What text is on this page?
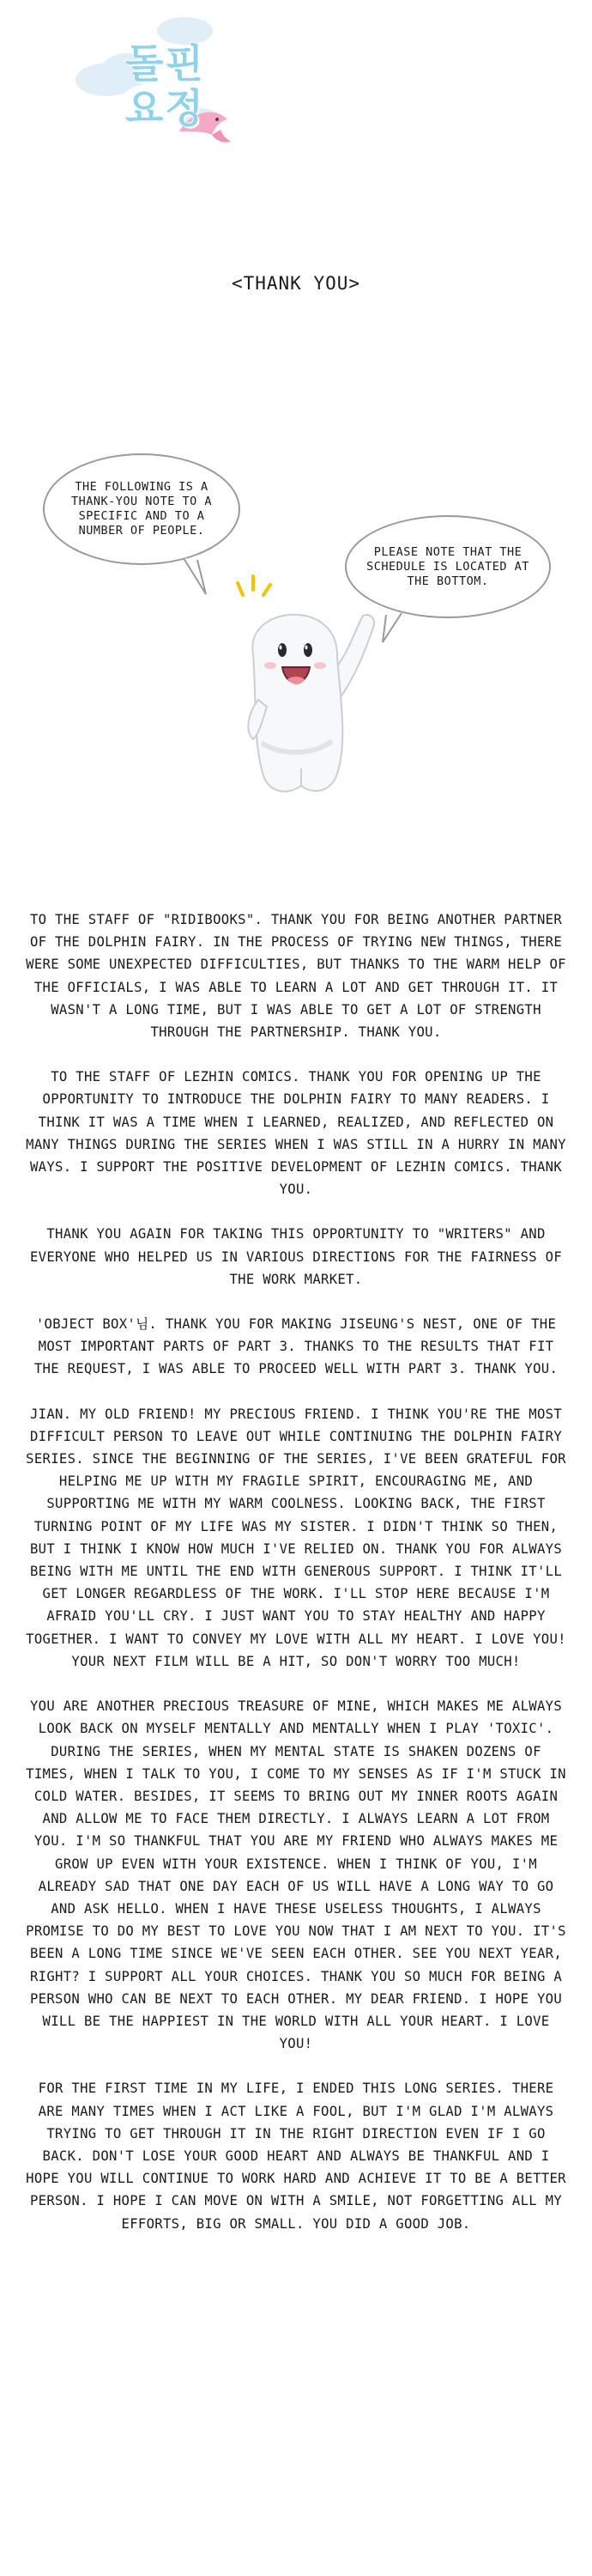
돌핀
요정
<THANK YOU>
THE FOLLOWING IS A THANK-YOU NOTE TO A SPECIFIC AND TO A NUMBER OF PEOPLE.
PLEASE NOTE THAT THE SCHEDULE IS LOCATED AT THE BOTTOM.

TO THE STAFF OF "RIDIBOOKS". THANK YOU FOR BEING ANOTHER PARTNER OF THE DOLPHIN FAIRY. IN THE PROCESS OF TRYING NEW THINGS, THERE WERE SOME UNEXPECTED DIFFICULTIES, BUT THANKS TO THE WARM HELP OF THE OFFICIALS, I WAS ABLE TO LEARN A LOT AND GET THROUGH IT. IT WASN'T A LONG TIME, BUT I WAS ABLE TO GET A LOT OF STRENGTH THROUGH THE PARTNERSHIP. THANK YOU.

TO THE STAFF OF LEZHIN COMICS. THANK YOU FOR OPENING UP THE OPPORTUNITY TO INTRODUCE THE DOLPHIN FAIRY TO MANY READERS. I THINK IT WAS A TIME WHEN I LEARNED, REALIZED, AND REFLECTED ON MANY THINGS DURING THE SERIES WHEN I WAS STILL IN A HURRY IN MANY WAYS. I SUPPORT THE POSITIVE DEVELOPMENT OF LEZHIN COMICS. THANK YOU.

THANK YOU AGAIN FOR TAKING THIS OPPORTUNITY TO "WRITERS" AND EVERYONE WHO HELPED US IN VARIOUS DIRECTIONS FOR THE FAIRNESS OF THE WORK MARKET.

'OBJECT BOX'님. THANK YOU FOR MAKING JISEUNG'S NEST, ONE OF THE MOST IMPORTANT PARTS OF PART 3. THANKS TO THE RESULTS THAT FIT THE REQUEST, I WAS ABLE TO PROCEED WELL WITH PART 3. THANK YOU.

JIAN. MY OLD FRIEND! MY PRECIOUS FRIEND. I THINK YOU'RE THE MOST DIFFICULT PERSON TO LEAVE OUT WHILE CONTINUING THE DOLPHIN FAIRY SERIES. SINCE THE BEGINNING OF THE SERIES, I'VE BEEN GRATEFUL FOR HELPING ME UP WITH MY FRAGILE SPIRIT, ENCOURAGING ME, AND SUPPORTING ME WITH MY WARM COOLNESS. LOOKING BACK, THE FIRST TURNING POINT OF MY LIFE WAS MY SISTER. I DIDN'T THINK SO THEN, BUT I THINK I KNOW HOW MUCH I'VE RELIED ON. THANK YOU FOR ALWAYS BEING WITH ME UNTIL THE END WITH GENEROUS SUPPORT. I THINK IT'LL GET LONGER REGARDLESS OF THE WORK. I'LL STOP HERE BECAUSE I'M AFRAID YOU'LL CRY. I JUST WANT YOU TO STAY HEALTHY AND HAPPY TOGETHER. I WANT TO CONVEY MY LOVE WITH ALL MY HEART. I LOVE YOU! YOUR NEXT FILM WILL BE A HIT, SO DON'T WORRY TOO MUCH!

YOU ARE ANOTHER PRECIOUS TREASURE OF MINE, WHICH MAKES ME ALWAYS LOOK BACK ON MYSELF MENTALLY AND MENTALLY WHEN I PLAY 'TOXIC'. DURING THE SERIES, WHEN MY MENTAL STATE IS SHAKEN DOZENS OF TIMES, WHEN I TALK TO YOU, I COME TO MY SENSES AS IF I'M STUCK IN COLD WATER. BESIDES, IT SEEMS TO BRING OUT MY INNER ROOTS AGAIN AND ALLOW ME TO FACE THEM DIRECTLY. I ALWAYS LEARN A LOT FROM YOU. I'M SO THANKFUL THAT YOU ARE MY FRIEND WHO ALWAYS MAKES ME GROW UP EVEN WITH YOUR EXISTENCE. WHEN I THINK OF YOU, I'M ALREADY SAD THAT ONE DAY EACH OF US WILL HAVE A LONG WAY TO GO AND ASK HELLO. WHEN I HAVE THESE USELESS THOUGHTS, I ALWAYS PROMISE TO DO MY BEST TO LOVE YOU NOW THAT I AM NEXT TO YOU. IT'S BEEN A LONG TIME SINCE WE'VE SEEN EACH OTHER. SEE YOU NEXT YEAR, RIGHT? I SUPPORT ALL YOUR CHOICES. THANK YOU SO MUCH FOR BEING A PERSON WHO CAN BE NEXT TO EACH OTHER. MY DEAR FRIEND. I HOPE YOU WILL BE THE HAPPIEST IN THE WORLD WITH ALL YOUR HEART. I LOVE YOU!

FOR THE FIRST TIME IN MY LIFE, I ENDED THIS LONG SERIES. THERE ARE MANY TIMES WHEN I ACT LIKE A FOOL, BUT I'M GLAD I'M ALWAYS TRYING TO GET THROUGH IT IN THE RIGHT DIRECTION EVEN IF I GO BACK. DON'T LOSE YOUR GOOD HEART AND ALWAYS BE THANKFUL AND I HOPE YOU WILL CONTINUE TO WORK HARD AND ACHIEVE IT TO BE A BETTER PERSON. I HOPE I CAN MOVE ON WITH A SMILE, NOT FORGETTING ALL MY EFFORTS, BIG OR SMALL. YOU DID A GOOD JOB.
